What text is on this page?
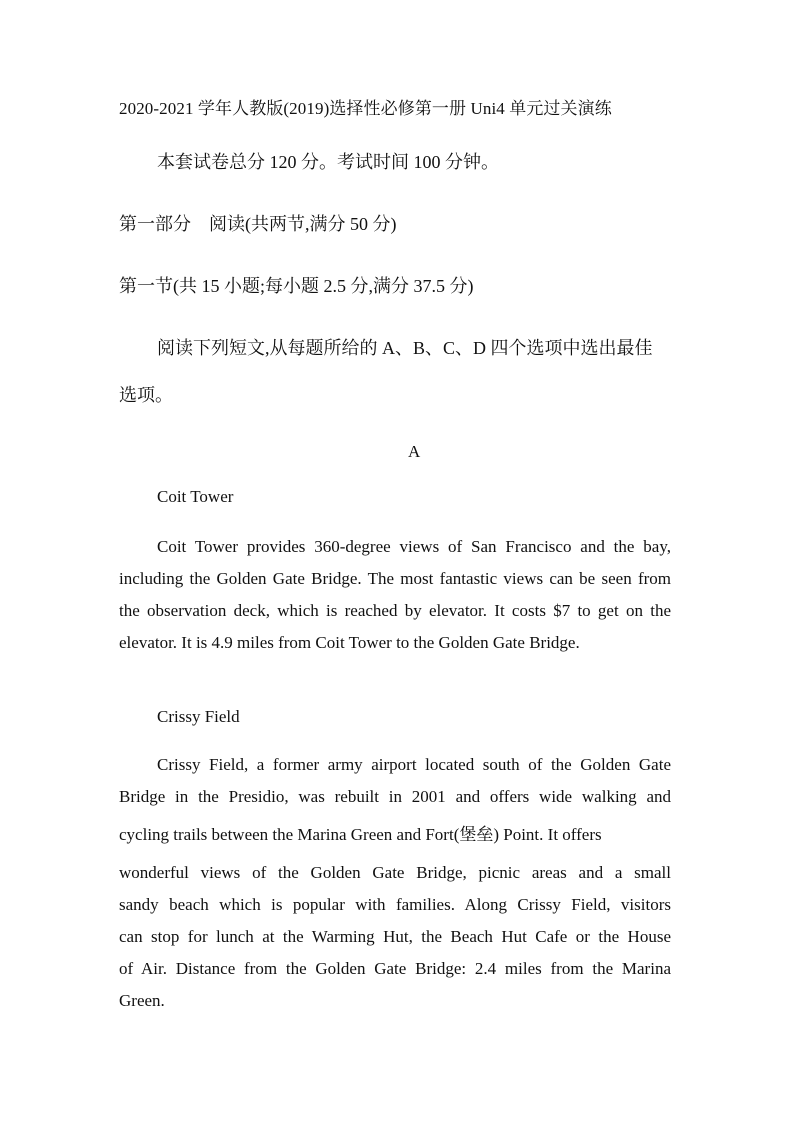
2020-2021 学年人教版(2019)选择性必修第一册 Uni4 单元过关演练
本套试卷总分 120 分。考试时间 100 分钟。
第一部分　阅读(共两节,满分 50 分)
第一节(共 15 小题;每小题 2.5 分,满分 37.5 分)
阅读下列短文,从每题所给的 A、B、C、D 四个选项中选出最佳
选项。
A
Coit Tower

Coit Tower provides 360-degree views of San Francisco and the bay, including the Golden Gate Bridge. The most fantastic views can be seen from the observation deck, which is reached by elevator. It costs $7 to get on the elevator. It is 4.9 miles from Coit Tower to the Golden Gate Bridge.

Crissy Field
Crissy Field, a former army airport located south of the Golden Gate
Bridge in the Presidio, was rebuilt in 2001 and offers wide walking and
cycling trails between the Marina Green and Fort(堡垒) Point. It offers
wonderful views of the Golden Gate Bridge, picnic areas and a small
sandy beach which is popular with families. Along Crissy Field, visitors
can stop for lunch at the Warming Hut, the Beach Hut Cafe or the House
of Air. Distance from the Golden Gate Bridge: 2.4 miles from the Marina
Green.
